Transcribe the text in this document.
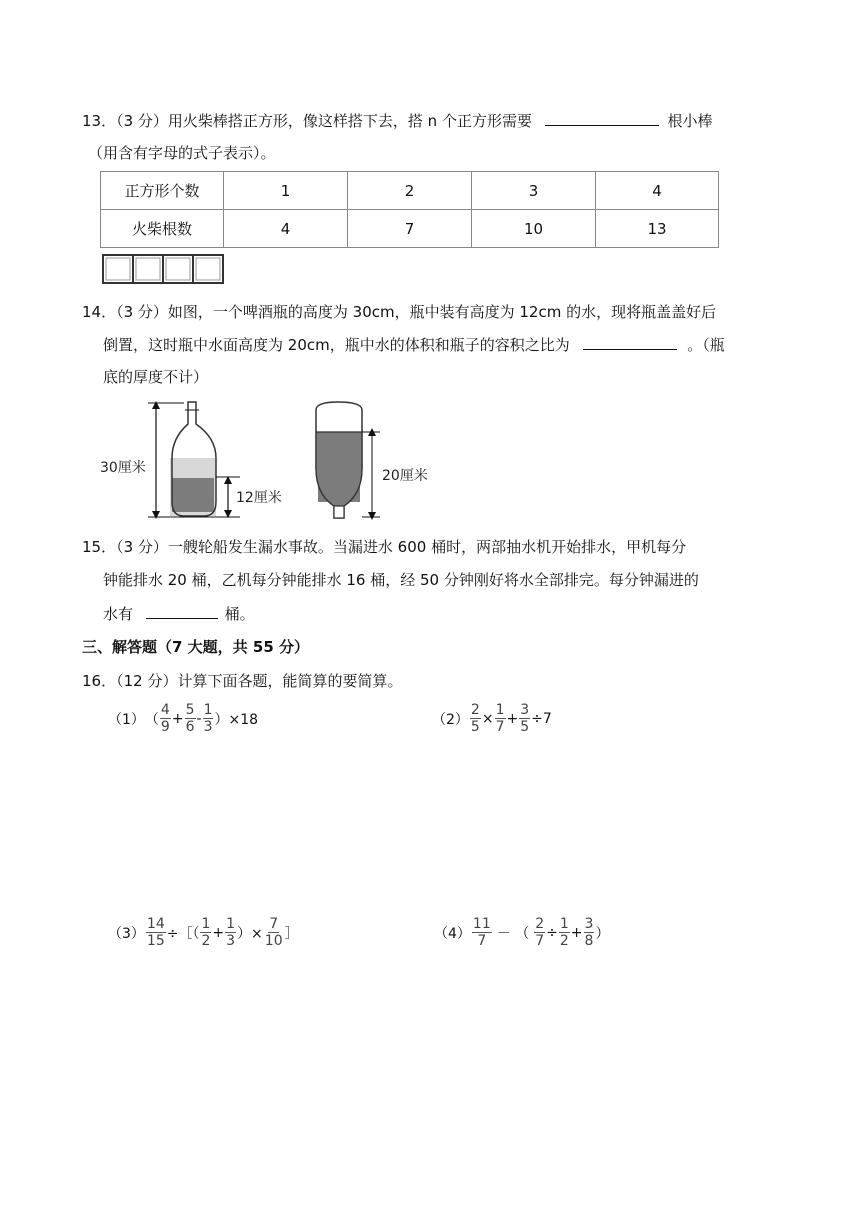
13．（3 分）用火柴棒搭正方形，像这样搭下去，搭 n 个正方形需要	根小棒
（用含有字母的式子表示）。
正方形个数	1	2	3	4
火柴根数	4	7	10	13
14．（3 分）如图，一个啤酒瓶的高度为 30cm，瓶中装有高度为 12cm 的水，现将瓶盖盖好后
倒置，这时瓶中水面高度为 20cm，瓶中水的体积和瓶子的容积之比为	。（瓶
底的厚度不计）
30厘米
12厘米
20厘米
15．（3 分）一艘轮船发生漏水事故。当漏进水 600 桶时，两部抽水机开始排水，甲机每分
钟能排水 20 桶，乙机每分钟能排水 16 桶，经 50 分钟刚好将水全部排完。每分钟漏进的
水有	桶。
三、解答题（7 大题，共 55 分）
16．（12 分）计算下面各题，能简算的要简算。
（1） （ $\frac{4}{9} + \frac{5}{6} - \frac{1}{3} )\times 18$	$(2) \frac{2}{5} \times \frac{1}{7} + \frac{3}{5} \div 7$
$(3) \frac{14}{15}$ ÷［（ $\frac{1}{2} + \frac{1}{3}$ ）× $\frac{7}{10}$ ］	$(4) \frac{11}{7}$ － （ $\frac{2}{7} \div \frac{1}{2} + \frac{3}{8}$ ）
